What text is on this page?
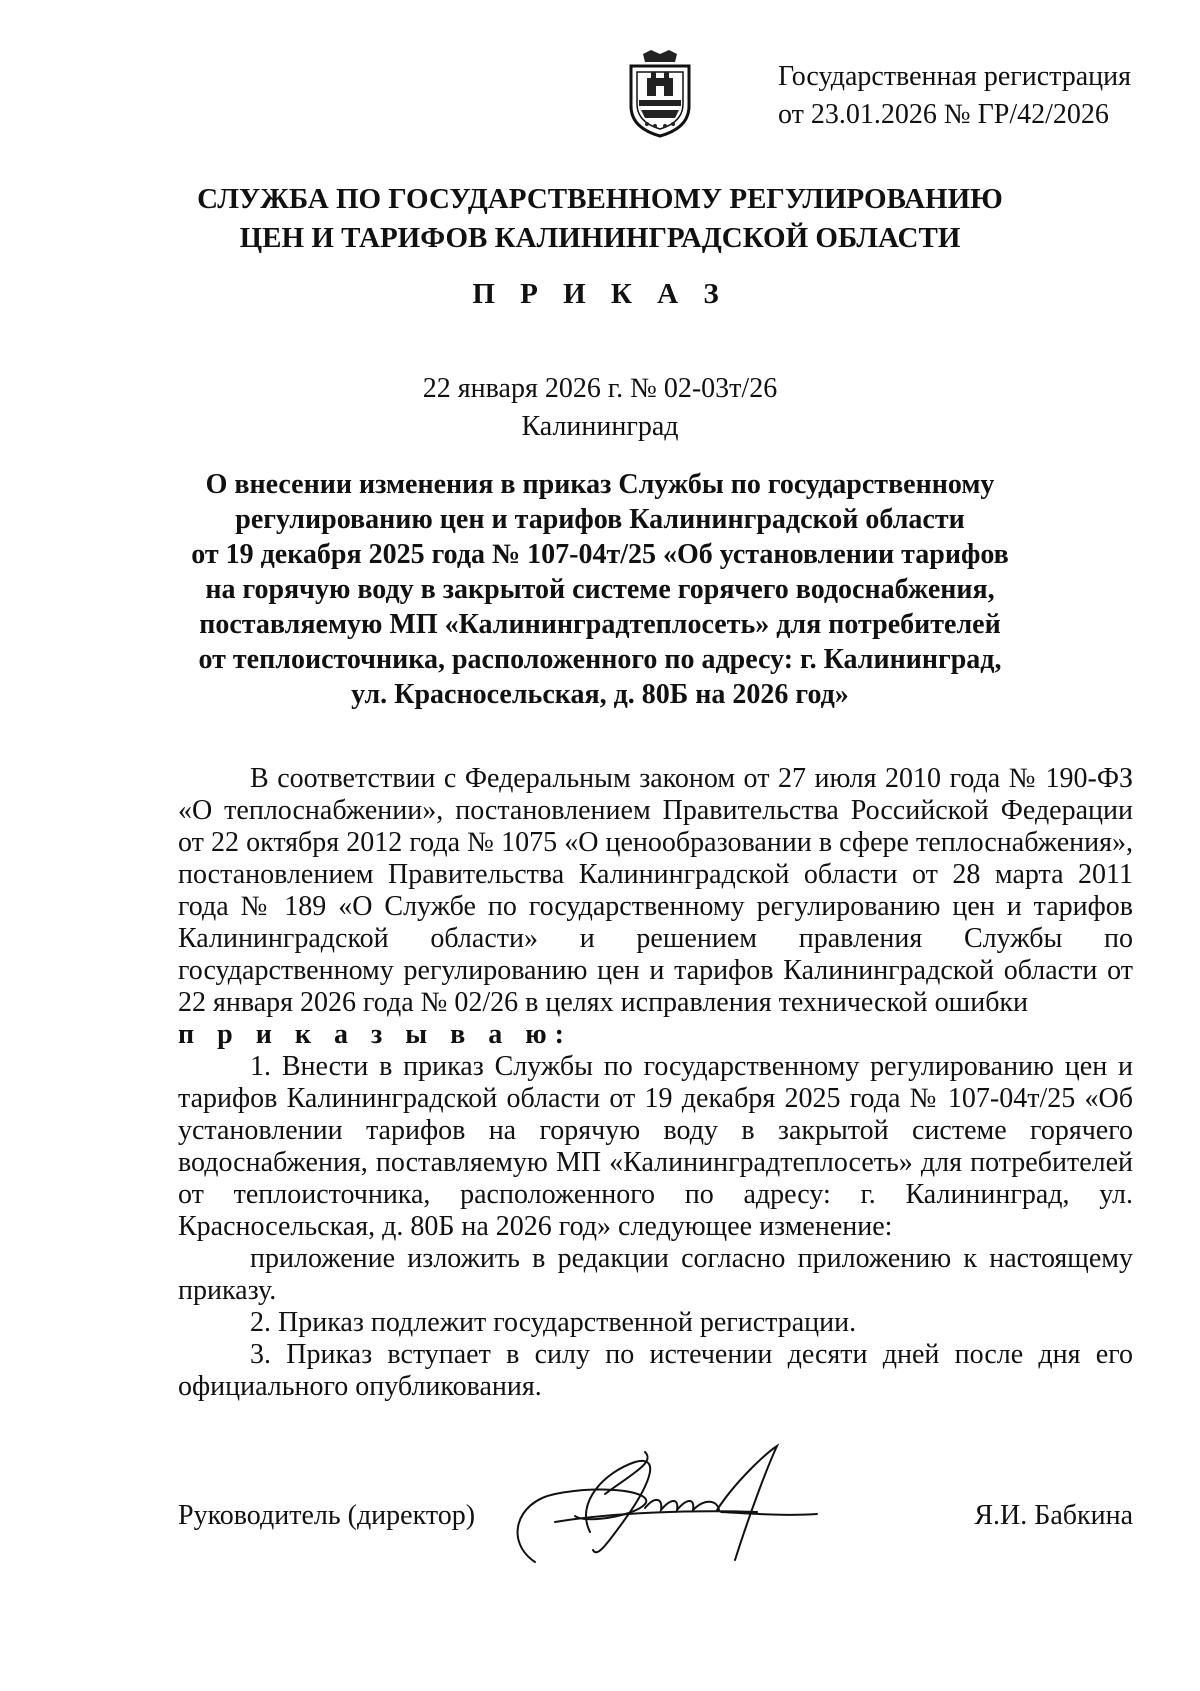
Государственная регистрация
от 23.01.2026 № ГР/42/2026
СЛУЖБА ПО ГОСУДАРСТВЕННОМУ РЕГУЛИРОВАНИЮ
ЦЕН И ТАРИФОВ КАЛИНИНГРАДСКОЙ ОБЛАСТИ
П Р И К А З
22 января 2026 г. № 02-03т/26
Калининград
О внесении изменения в приказ Службы по государственному
регулированию цен и тарифов Калининградской области
от 19 декабря 2025 года № 107-04т/25 «Об установлении тарифов
на горячую воду в закрытой системе горячего водоснабжения,
поставляемую МП «Калининградтеплосеть» для потребителей
от теплоисточника, расположенного по адресу: г. Калининград,
ул. Красносельская, д. 80Б на 2026 год»

В соответствии с Федеральным законом от 27 июля 2010 года № 190-ФЗ «О теплоснабжении», постановлением Правительства Российской Федерации от 22 октября 2012 года № 1075 «О ценообразовании в сфере теплоснабжения», постановлением Правительства Калининградской области от 28 марта 2011 года № 189 «О Службе по государственному регулированию цен и тарифов Калининградской области» и решением правления Службы по государственному регулированию цен и тарифов Калининградской области от 22 января 2026 года № 02/26 в целях исправления технической ошибки

п р и к а з ы в а ю:

1. Внести в приказ Службы по государственному регулированию цен и тарифов Калининградской области от 19 декабря 2025 года № 107-04т/25 «Об установлении тарифов на горячую воду в закрытой системе горячего водоснабжения, поставляемую МП «Калининградтеплосеть» для потребителей от теплоисточника, расположенного по адресу: г. Калининград, ул. Красносельская, д. 80Б на 2026 год» следующее изменение:

приложение изложить в редакции согласно приложению к настоящему приказу.

2. Приказ подлежит государственной регистрации.

3. Приказ вступает в силу по истечении десяти дней после дня его официального опубликования.

Руководитель (директор)	Я.И. Бабкина
